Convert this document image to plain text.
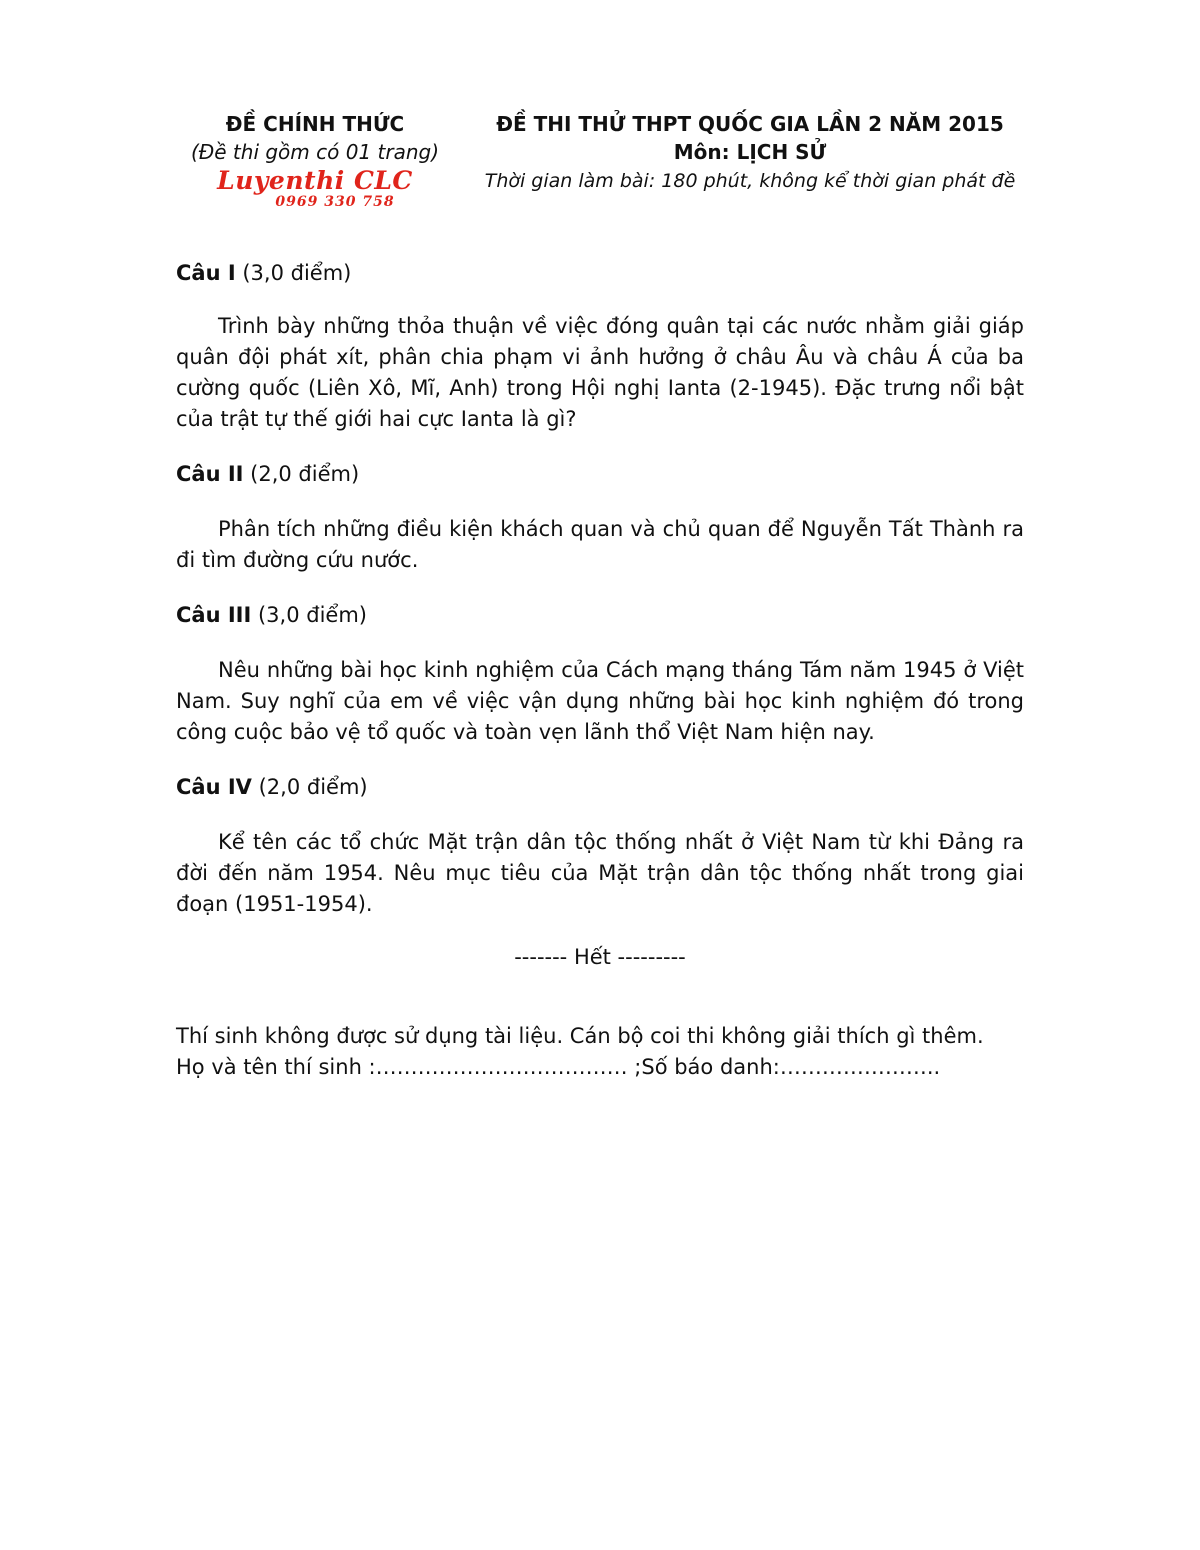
ĐỀ CHÍNH THỨC
(Đề thi gồm có 01 trang)
Luyenthi CLC
0969 330 758
ĐỀ THI THỬ THPT QUỐC GIA LẦN 2 NĂM 2015
Môn: LỊCH SỬ
Thời gian làm bài: 180 phút, không kể thời gian phát đề

Câu I (3,0 điểm)

Trình bày những thỏa thuận về việc đóng quân tại các nước nhằm giải giáp quân đội phát xít, phân chia phạm vi ảnh hưởng ở châu Âu và châu Á của ba cường quốc (Liên Xô, Mĩ, Anh) trong Hội nghị Ianta (2-1945). Đặc trưng nổi bật của trật tự thế giới hai cực Ianta là gì?

Câu II (2,0 điểm)

Phân tích những điều kiện khách quan và chủ quan để Nguyễn Tất Thành ra đi tìm đường cứu nước.

Câu III (3,0 điểm)

Nêu những bài học kinh nghiệm của Cách mạng tháng Tám năm 1945 ở Việt Nam. Suy nghĩ của em về việc vận dụng những bài học kinh nghiệm đó trong công cuộc bảo vệ tổ quốc và toàn vẹn lãnh thổ Việt Nam hiện nay.

Câu IV (2,0 điểm)

Kể tên các tổ chức Mặt trận dân tộc thống nhất ở Việt Nam từ khi Đảng ra đời đến năm 1954. Nêu mục tiêu của Mặt trận dân tộc thống nhất trong giai đoạn (1951-1954).

------- Hết ---------

Thí sinh không được sử dụng tài liệu. Cán bộ coi thi không giải thích gì thêm.

Họ và tên thí sinh :……………………………… ;Số báo danh:…………………..
